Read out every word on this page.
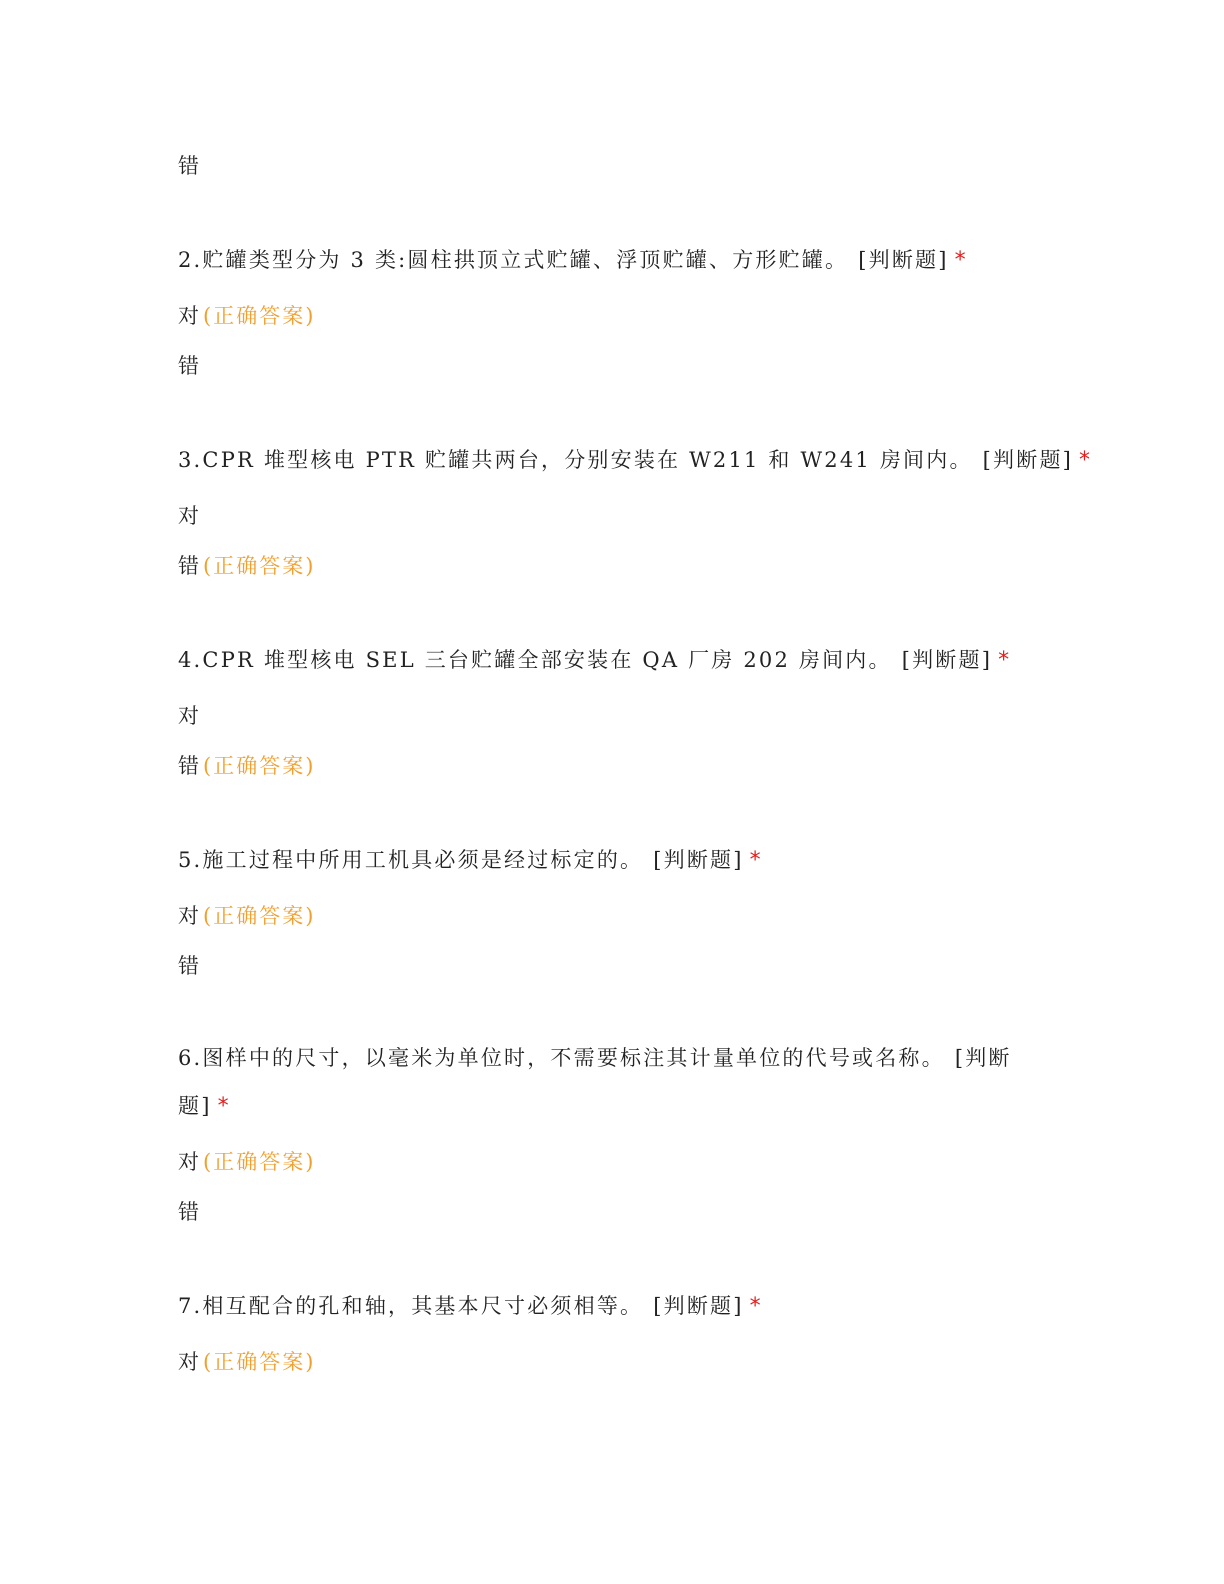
错
2.贮罐类型分为 3 类:圆柱拱顶立式贮罐、浮顶贮罐、方形贮罐。 [判断题] *
对(正确答案)
错
3.CPR 堆型核电 PTR 贮罐共两台，分别安装在 W211 和 W241 房间内。 [判断题] *
对
错(正确答案)
4.CPR 堆型核电 SEL 三台贮罐全部安装在 QA 厂房 202 房间内。 [判断题] *
对
错(正确答案)
5.施工过程中所用工机具必须是经过标定的。 [判断题] *
对(正确答案)
错
6.图样中的尺寸，以毫米为单位时，不需要标注其计量单位的代号或名称。 [判断题] *
对(正确答案)
错
7.相互配合的孔和轴，其基本尺寸必须相等。 [判断题] *
对(正确答案)
